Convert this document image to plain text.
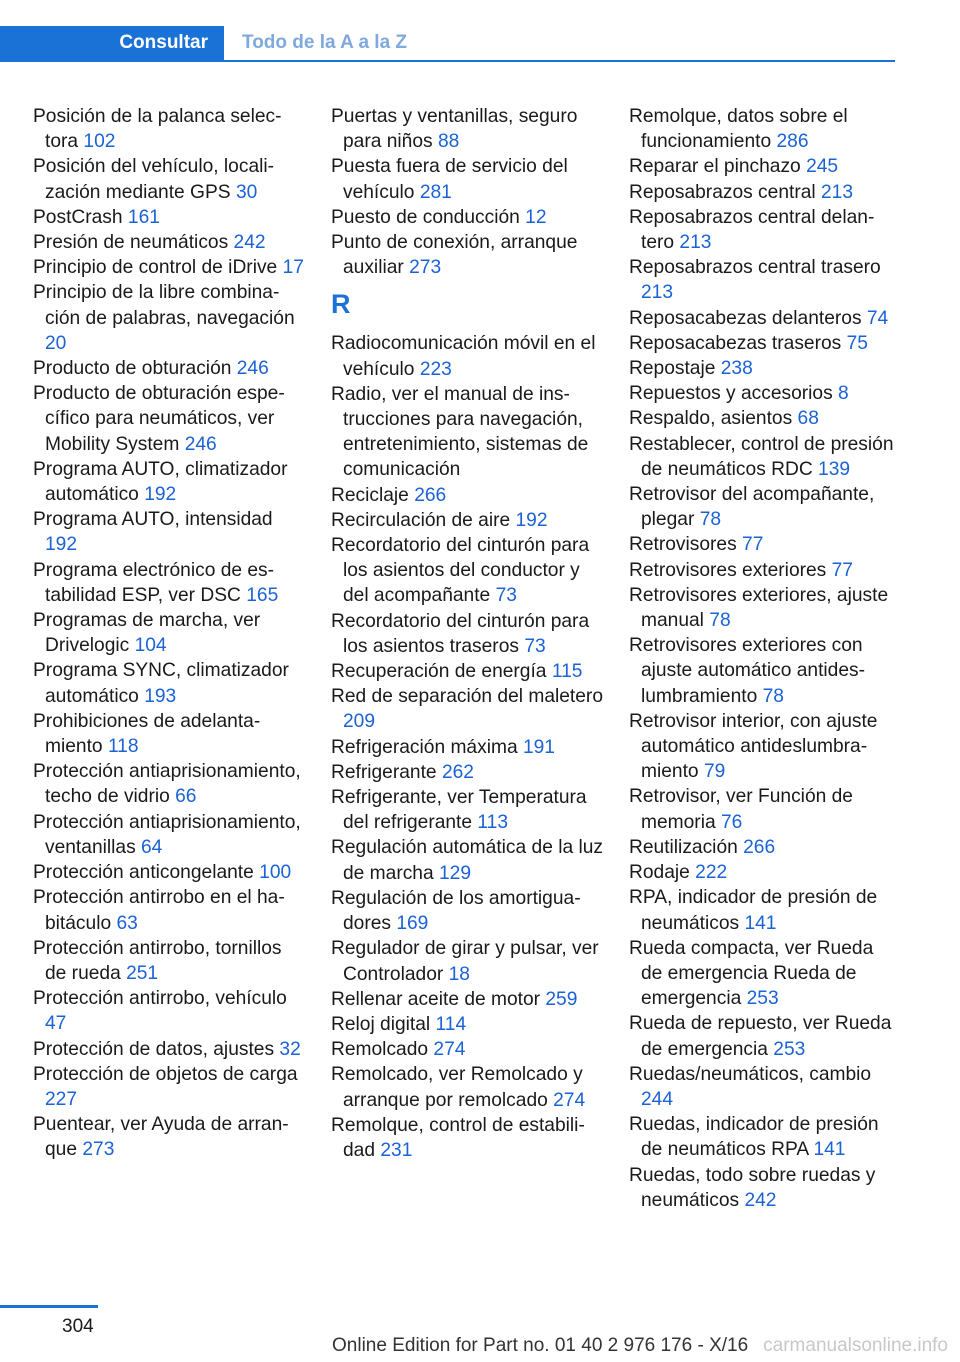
Consultar	Todo de la A a la Z
Posición de la palanca selectora 102
Posición del vehículo, localización mediante GPS 30
PostCrash 161
Presión de neumáticos 242
Principio de control de iDrive 17
Principio de la libre combinación de palabras, navegación 20
Producto de obturación 246
Producto de obturación específico para neumáticos, ver Mobility System 246
Programa AUTO, climatizador automático 192
Programa AUTO, intensidad 192
Programa electrónico de estabilidad ESP, ver DSC 165
Programas de marcha, ver Drivelogic 104
Programa SYNC, climatizador automático 193
Prohibiciones de adelantamiento 118
Protección antiaprisionamiento, techo de vidrio 66
Protección antiaprisionamiento, ventanillas 64
Protección anticongelante 100
Protección antirrobo en el habitáculo 63
Protección antirrobo, tornillos de rueda 251
Protección antirrobo, vehículo 47
Protección de datos, ajustes 32
Protección de objetos de carga 227
Puentear, ver Ayuda de arranque 273
Puertas y ventanillas, seguro para niños 88
Puesta fuera de servicio del vehículo 281
Puesto de conducción 12
Punto de conexión, arranque auxiliar 273
R
Radiocomunicación móvil en el vehículo 223
Radio, ver el manual de instrucciones para navegación, entretenimiento, sistemas de comunicación
Reciclaje 266
Recirculación de aire 192
Recordatorio del cinturón para los asientos del conductor y del acompañante 73
Recordatorio del cinturón para los asientos traseros 73
Recuperación de energía 115
Red de separación del maletero 209
Refrigeración máxima 191
Refrigerante 262
Refrigerante, ver Temperatura del refrigerante 113
Regulación automática de la luz de marcha 129
Regulación de los amortiguadores 169
Regulador de girar y pulsar, ver Controlador 18
Rellenar aceite de motor 259
Reloj digital 114
Remolcado 274
Remolcado, ver Remolcado y arranque por remolcado 274
Remolque, control de estabilidad 231
Remolque, datos sobre el funcionamiento 286
Reparar el pinchazo 245
Reposabrazos central 213
Reposabrazos central delantero 213
Reposabrazos central trasero 213
Reposacabezas delanteros 74
Reposacabezas traseros 75
Repostaje 238
Repuestos y accesorios 8
Respaldo, asientos 68
Restablecer, control de presión de neumáticos RDC 139
Retrovisor del acompañante, plegar 78
Retrovisores 77
Retrovisores exteriores 77
Retrovisores exteriores, ajuste manual 78
Retrovisores exteriores con ajuste automático antideslumbramiento 78
Retrovisor interior, con ajuste automático antideslumbramiento 79
Retrovisor, ver Función de memoria 76
Reutilización 266
Rodaje 222
RPA, indicador de presión de neumáticos 141
Rueda compacta, ver Rueda de emergencia Rueda de emergencia 253
Rueda de repuesto, ver Rueda de emergencia 253
Ruedas/neumáticos, cambio 244
Ruedas, indicador de presión de neumáticos RPA 141
Ruedas, todo sobre ruedas y neumáticos 242
304
Online Edition for Part no. 01 40 2 976 176 - X/16 carmanualsonline.info
